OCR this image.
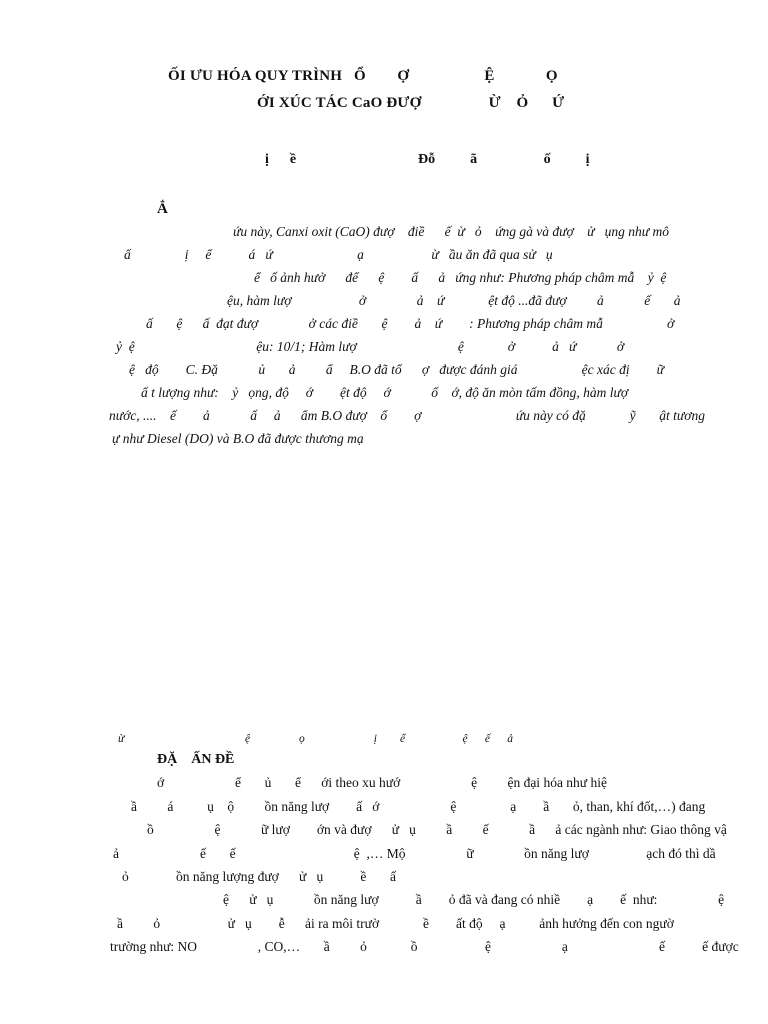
ỐI ƯU HÓA QUY TRÌNH   Ổ        Ợ                   Ệ             Ọ
ỚI XÚC TÁC CaO ĐƯỢ                 Ừ    Ỏ      Ứ
ị      ề	Đỗ          ã                   ố          ị
Ắ
ứu này, Canxi oxit (CaO) đượ    điề      ế  ừ   ỏ    ứng gà và đượ    ử   ụng như mô
ấ                ị     ể           á   ứ                         ạ                    ừ   ầu ăn đã qua sử   ụ
ể   ố ảnh hưở      để      ệ        ấ      ả   ứng như: Phương pháp châm mẫ    ỷ  ệ
ệu, hàm lượ                    ở               ả    ứ             ệt độ ...đã đượ         ả            ế       ả
ấ       ệ      ấ  đạt đượ               ở các điề       ệ        ả    ứ        : Phương pháp châm mẫ                   ở
ỷ  ệ                                    ệu: 10/1; Hàm lượ                              ệ             ở           ả   ứ            ở
ệ   độ        C. Đặ            ủ       ả         ẩ     B.O đã tổ      ợ   được đánh giá                   ệc xác đị        ữ
ấ t lượng như:    ỷ   ọng, độ     ớ        ệt độ     ớ            ố    ớ, độ ăn mòn tấm đồng, hàm lượ
nước, ....    ế        ả            ấ     ả      ẩm B.O đượ    ổ        ợ                            ứu này có đặ             ỹ       ật tương
ự như Diesel (DO) và B.O đã được thương mạ
ừ                                          ệ                 ọ                        ị        ể                    ệ      ế      ả
ĐẶ    ẤN ĐỀ
ớ                     ể       ủ       ể      ới theo xu hướ                     ệ         ện đại hóa như hiệ
ầ         á          ụ    ộ         ồn năng lượ        ấ   ớ                     ệ                ạ        ầ       ỏ, than, khí đốt,…) đang
ồ                  ệ            ữ lượ        ớn và đượ      ử   ụ         ầ         ế            ầ      ả các ngành như: Giao thông vậ
ả                        ế       ế                                   ệ  ,… Mộ                  ữ               ồn năng lượ                 ạch đó thì dầ
ỏ              ồn năng lượng đượ      ử   ụ           ề       ấ
ệ      ử   ụ            ồn năng lượ           ầ        ỏ đã và đang có nhiề        ạ        ế  như:                  ệ
ầ         ỏ                    ử   ụ        ễ      ải ra môi trườ             ề        ất độ     ạ          ảnh hưởng đến con ngườ
trường như: NO                  , CO,…       ầ         ỏ             ồ                    ệ                     ạ                           ế           ế được
